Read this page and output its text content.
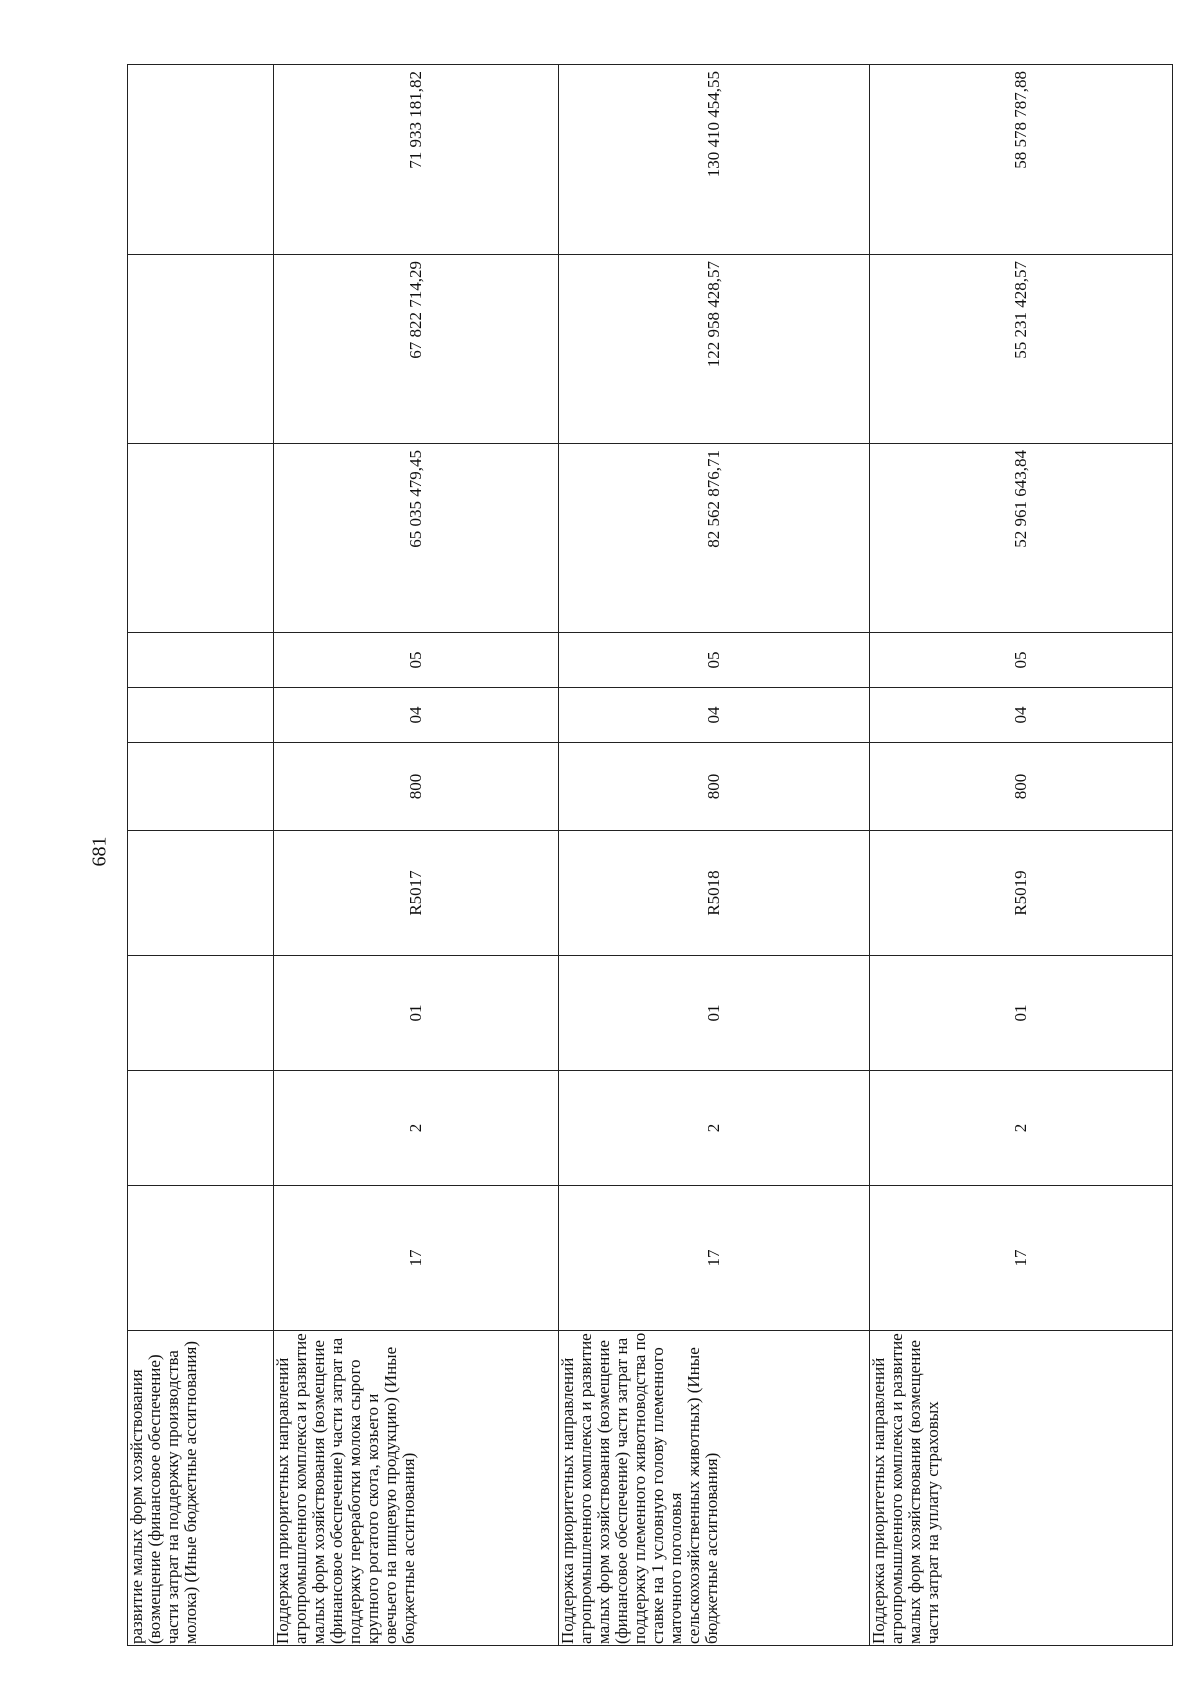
681
развитие малых форм хозяйствования (возмещение (финансовое обеспечение) части затрат на поддержку производства молока) (Иные бюджетные ассигнования)										
Поддержка приоритетных направлений агропромышленного комплекса и развитие малых форм хозяйствования (возмещение (финансовое обеспечение) части затрат на поддержку переработки молока сырого крупного рогатого скота, козьего и овечьего на пищевую продукцию) (Иные бюджетные ассигнования)	17	2	01	R5017	800	04	05	65 035 479,45	67 822 714,29	71 933 181,82
Поддержка приоритетных направлений агропромышленного комплекса и развитие малых форм хозяйствования (возмещение (финансовое обеспечение) части затрат на поддержку племенного животноводства по ставке на 1 условную голову племенного маточного поголовья сельскохозяйственных животных) (Иные бюджетные ассигнования)	17	2	01	R5018	800	04	05	82 562 876,71	122 958 428,57	130 410 454,55
Поддержка приоритетных направлений агропромышленного комплекса и развитие малых форм хозяйствования (возмещение части затрат на уплату страховых	17	2	01	R5019	800	04	05	52 961 643,84	55 231 428,57	58 578 787,88
